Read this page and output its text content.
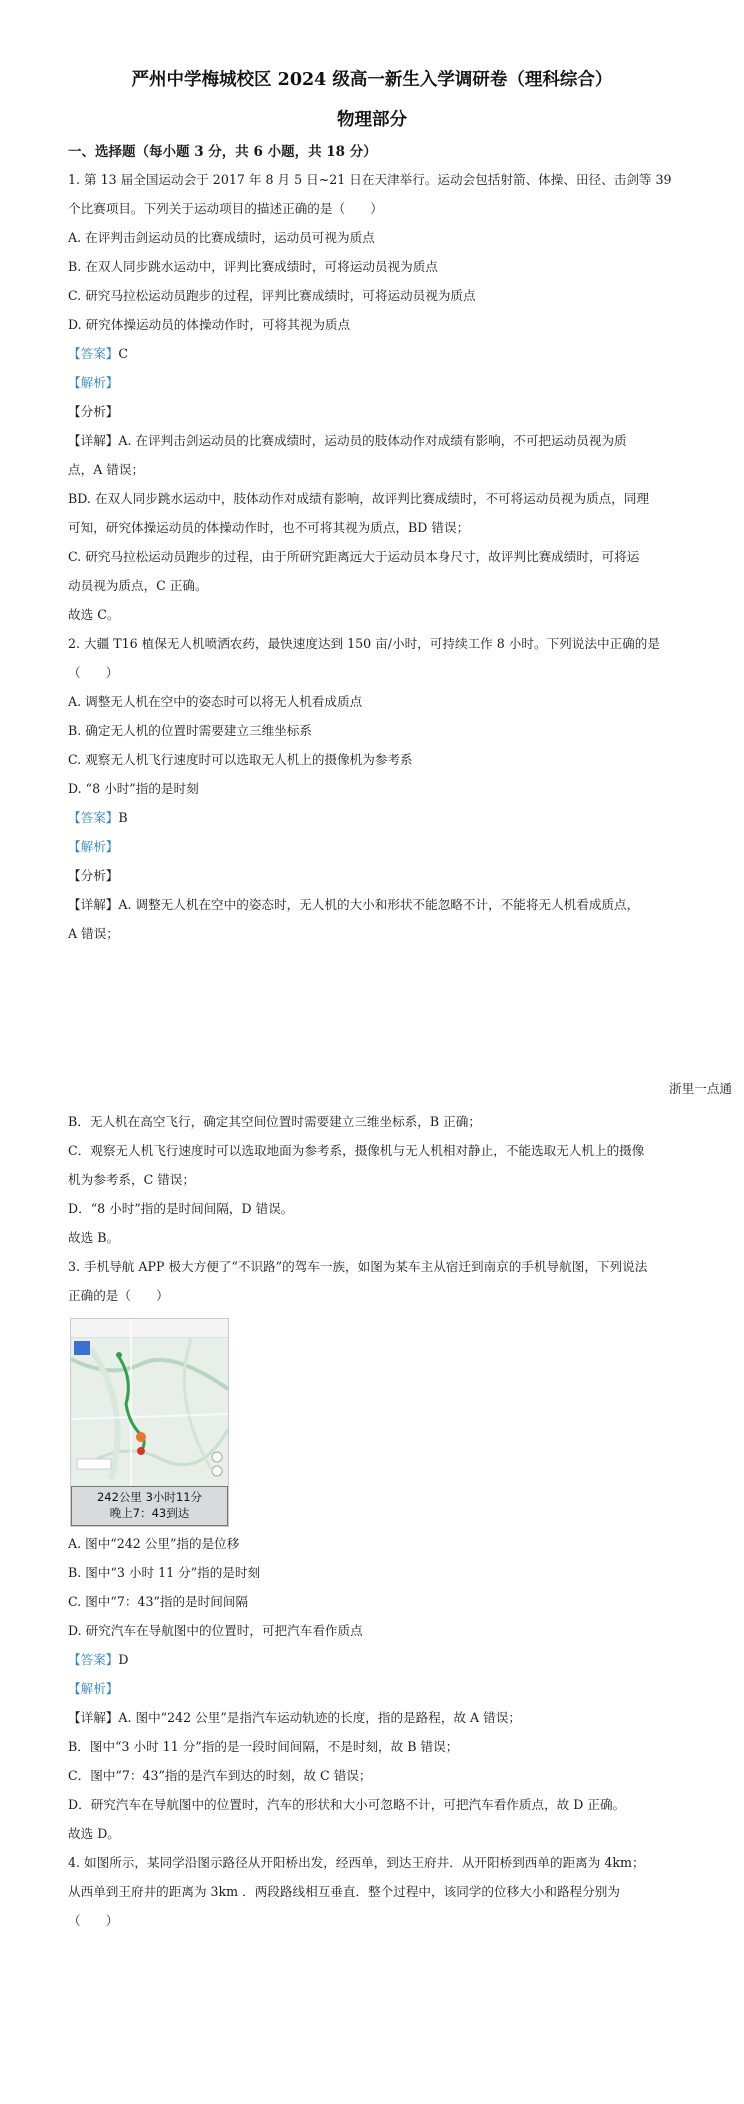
严州中学梅城校区 2024 级高一新生入学调研卷（理科综合）
物理部分
一、选择题（每小题 3 分，共 6 小题，共 18 分）
1. 第 13 届全国运动会于 2017 年 8 月 5 日~21 日在天津举行。运动会包括射箭、体操、田径、击剑等 39
个比赛项目。下列关于运动项目的描述正确的是（　　）
A. 在评判击剑运动员的比赛成绩时，运动员可视为质点
B. 在双人同步跳水运动中，评判比赛成绩时，可将运动员视为质点
C. 研究马拉松运动员跑步的过程，评判比赛成绩时，可将运动员视为质点
D. 研究体操运动员的体操动作时，可将其视为质点
【答案】C
【解析】
【分析】
【详解】A. 在评判击剑运动员的比赛成绩时，运动员的肢体动作对成绩有影响，不可把运动员视为质
点，A 错误；
BD. 在双人同步跳水运动中，肢体动作对成绩有影响，故评判比赛成绩时，不可将运动员视为质点，同理
可知，研究体操运动员的体操动作时，也不可将其视为质点，BD 错误；
C. 研究马拉松运动员跑步的过程，由于所研究距离远大于运动员本身尺寸，故评判比赛成绩时，可将运
动员视为质点，C 正确。
故选 C。
2. 大疆 T16 植保无人机喷洒农药，最快速度达到 150 亩/小时，可持续工作 8 小时。下列说法中正确的是
（　　）
A. 调整无人机在空中的姿态时可以将无人机看成质点
B. 确定无人机的位置时需要建立三维坐标系
C. 观察无人机飞行速度时可以选取无人机上的摄像机为参考系
D. “8 小时”指的是时刻
【答案】B
【解析】
【分析】
【详解】A. 调整无人机在空中的姿态时，无人机的大小和形状不能忽略不计，不能将无人机看成质点，
A 错误；
浙里一点通
B．无人机在高空飞行，确定其空间位置时需要建立三维坐标系，B 正确；
C．观察无人机飞行速度时可以选取地面为参考系，摄像机与无人机相对静止，不能选取无人机上的摄像
机为参考系，C 错误；
D．“8 小时”指的是时间间隔，D 错误。
故选 B。
3. 手机导航 APP 极大方便了“不识路”的驾车一族，如图为某车主从宿迁到南京的手机导航图，下列说法
正确的是（　　）
242公里 3小时11分
晚上7：43到达
A. 图中“242 公里”指的是位移
B. 图中“3 小时 11 分”指的是时刻
C. 图中“7：43”指的是时间间隔
D. 研究汽车在导航图中的位置时，可把汽车看作质点
【答案】D
【解析】
【详解】A. 图中“242 公里”是指汽车运动轨迹的长度，指的是路程，故 A 错误；
B．图中“3 小时 11 分”指的是一段时间间隔，不是时刻，故 B 错误；
C．图中“7：43”指的是汽车到达的时刻，故 C 错误；
D．研究汽车在导航图中的位置时，汽车的形状和大小可忽略不计，可把汽车看作质点，故 D 正确。
故选 D。
4. 如图所示，某同学沿图示路径从开阳桥出发，经西单，到达王府井．从开阳桥到西单的距离为 4km；
从西单到王府井的距离为 3km ．两段路线相互垂直．整个过程中，该同学的位移大小和路程分别为
（　　）
